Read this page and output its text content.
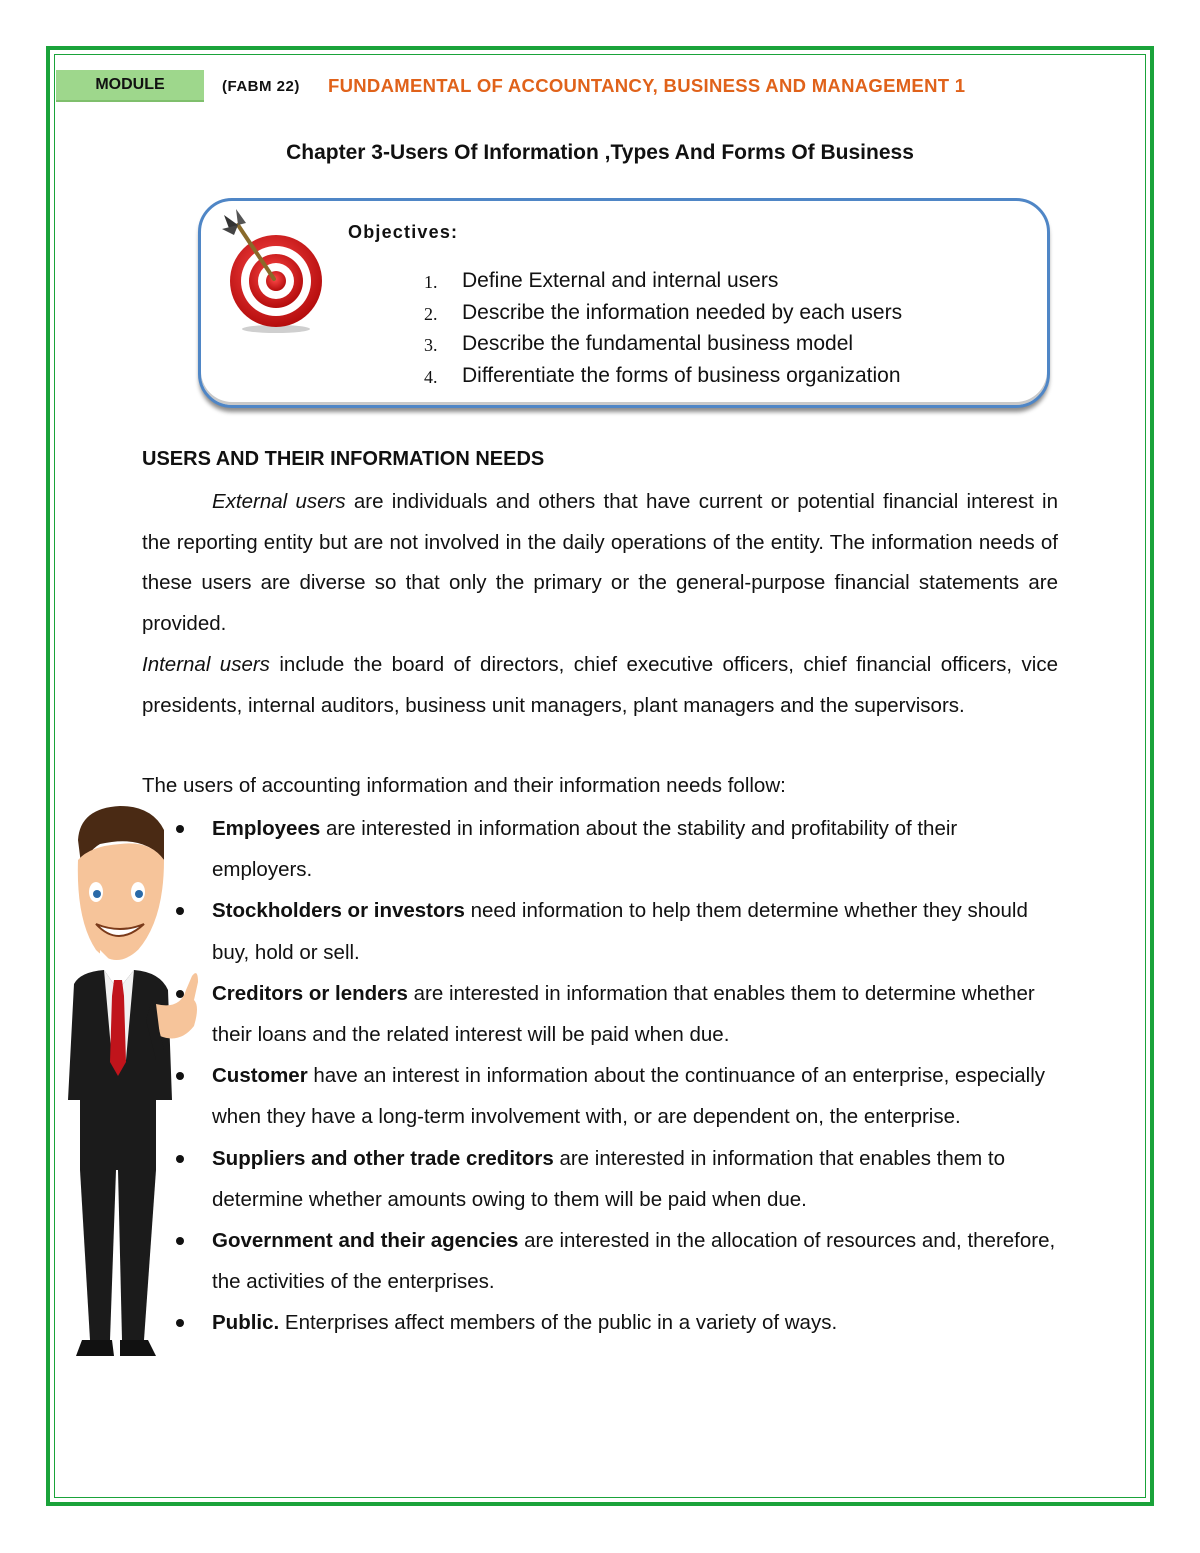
MODULE	(FABM 22) FUNDAMENTAL OF ACCOUNTANCY, BUSINESS AND MANAGEMENT 1
Chapter 3-Users Of Information ,Types And Forms Of Business
Objectives:
1.	Define External and internal users
2.	Describe the information needed by each users
3.	Describe the fundamental business model
4.	Differentiate the forms of business organization
USERS AND THEIR INFORMATION NEEDS

External users are individuals and others that have current or potential financial interest in the reporting entity but are not involved in the daily operations of the entity. The information needs of these users are diverse so that only the primary or the general-purpose financial statements are provided.

Internal users include the board of directors, chief executive officers, chief financial officers, vice presidents, internal auditors, business unit managers, plant managers and the supervisors.

The users of accounting information and their information needs follow:

Employees are interested in information about the stability and profitability of their employers.
Stockholders or investors need information to help them determine whether they should buy, hold or sell.
Creditors or lenders are interested in information that enables them to determine whether their loans and the related interest will be paid when due.
Customer have an interest in information about the continuance of an enterprise, especially when they have a long-term involvement with, or are dependent on, the enterprise.
Suppliers and other trade creditors are interested in information that enables them to determine whether amounts owing to them will be paid when due.
Government and their agencies are interested in the allocation of resources and, therefore, the activities of the enterprises.
Public. Enterprises affect members of the public in a variety of ways.
